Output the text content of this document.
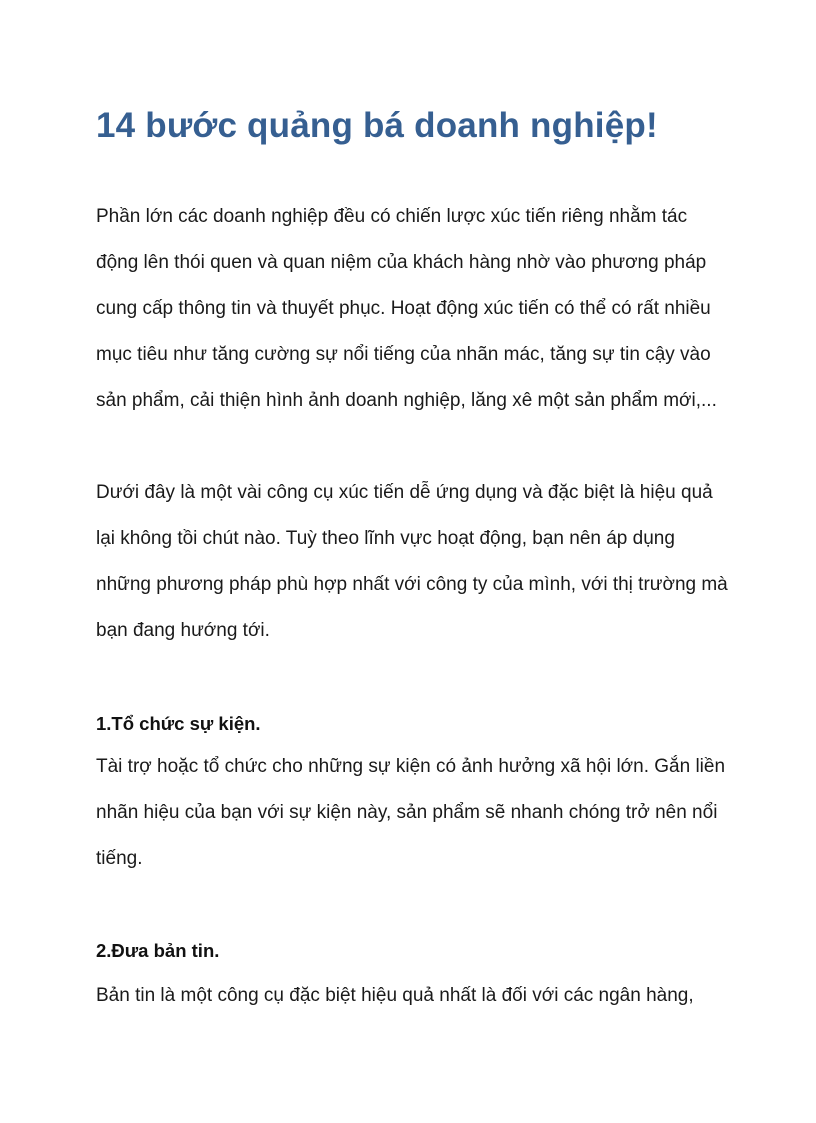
14 bước quảng bá doanh nghiệp!
Phần lớn các doanh nghiệp đều có chiến lược xúc tiến riêng nhằm tác
động lên thói quen và quan niệm của khách hàng nhờ vào phương pháp
cung cấp thông tin và thuyết phục. Hoạt động xúc tiến có thể có rất nhiều
mục tiêu như tăng cường sự nổi tiếng của nhãn mác, tăng sự tin cậy vào
sản phẩm, cải thiện hình ảnh doanh nghiệp, lăng xê một sản phẩm mới,...
Dưới đây là một vài công cụ xúc tiến dễ ứng dụng và đặc biệt là hiệu quả
lại không tồi chút nào. Tuỳ theo lĩnh vực hoạt động, bạn nên áp dụng
những phương pháp phù hợp nhất với công ty của mình, với thị trường mà
bạn đang hướng tới.
1.Tổ chức sự kiện.
Tài trợ hoặc tổ chức cho những sự kiện có ảnh hưởng xã hội lớn. Gắn liền
nhãn hiệu của bạn với sự kiện này, sản phẩm sẽ nhanh chóng trở nên nổi
tiếng.
2.Đưa bản tin.
Bản tin là một công cụ đặc biệt hiệu quả nhất là đối với các ngân hàng,
